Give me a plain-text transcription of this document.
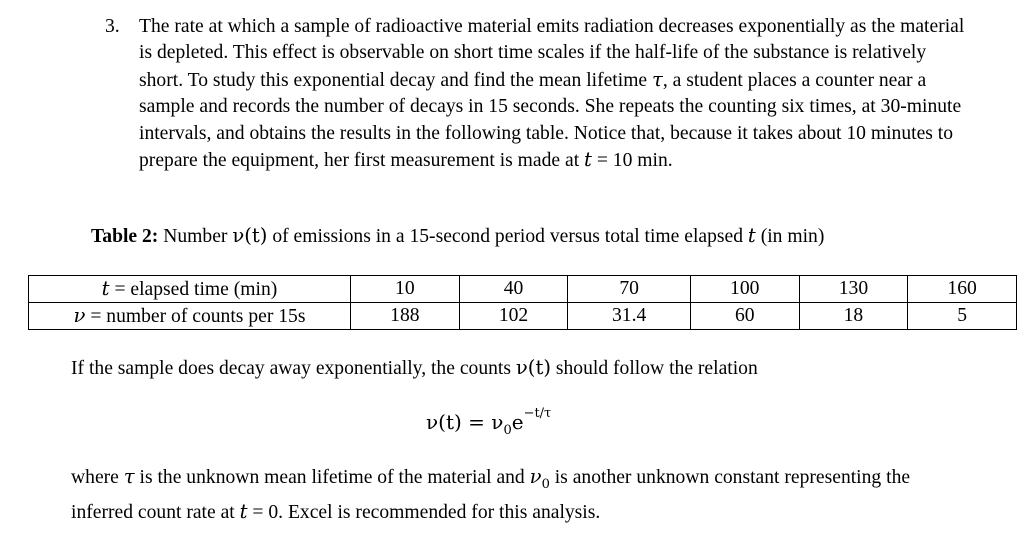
3. The rate at which a sample of radioactive material emits radiation decreases exponentially as the material is depleted. This effect is observable on short time scales if the half-life of the substance is relatively short. To study this exponential decay and find the mean lifetime τ, a student places a counter near a sample and records the number of decays in 15 seconds. She repeats the counting six times, at 30-minute intervals, and obtains the results in the following table. Notice that, because it takes about 10 minutes to prepare the equipment, her first measurement is made at t = 10 min.
Table 2: Number ν(t) of emissions in a 15-second period versus total time elapsed t (in min)
t = elapsed time (min)	10	40	70	100	130	160
ν = number of counts per 15s	188	102	31.4	60	18	5
If the sample does decay away exponentially, the counts ν(t) should follow the relation
$\nu(t) = \nu_0e^{-t/\tau}$
where τ is the unknown mean lifetime of the material and $\nu_0$ is another unknown constant representing the inferred count rate at t = 0. Excel is recommended for this analysis.
